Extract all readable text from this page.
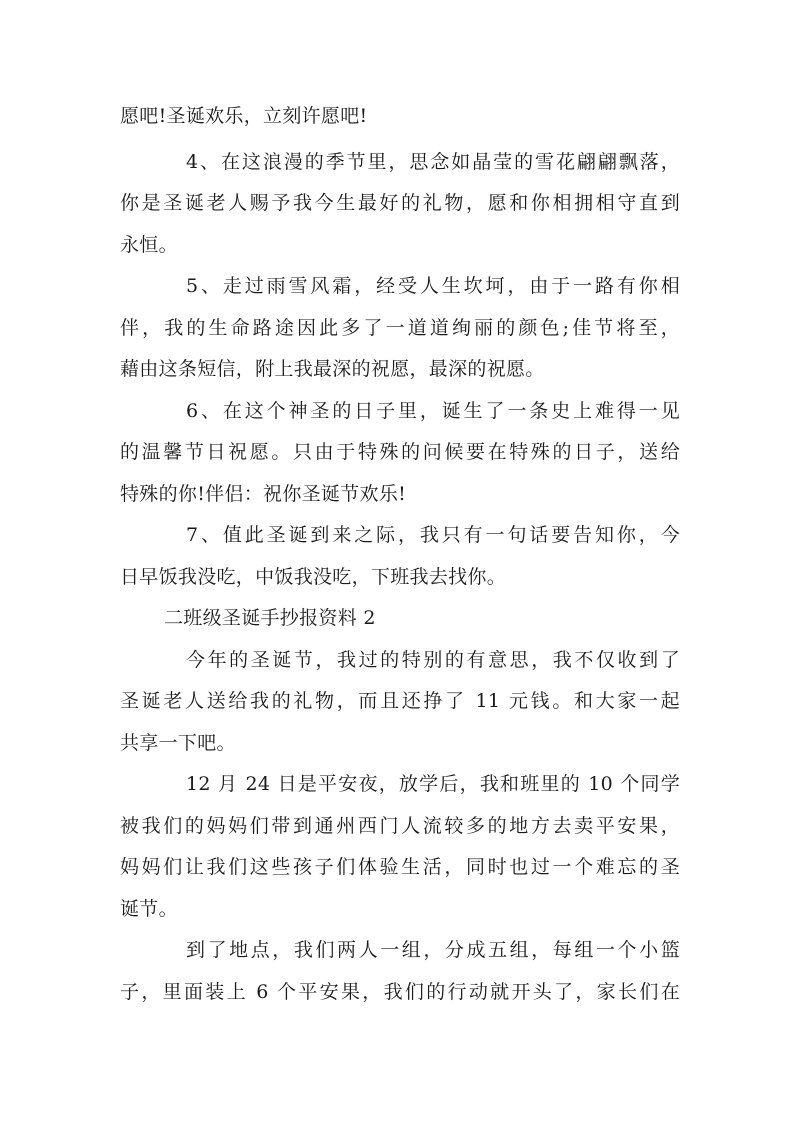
愿吧!圣诞欢乐，立刻许愿吧!
4、在这浪漫的季节里，思念如晶莹的雪花翩翩飘落，
你是圣诞老人赐予我今生最好的礼物，愿和你相拥相守直到
永恒。
5、走过雨雪风霜，经受人生坎坷，由于一路有你相
伴，我的生命路途因此多了一道道绚丽的颜色;佳节将至，
藉由这条短信，附上我最深的祝愿，最深的祝愿。
6、在这个神圣的日子里，诞生了一条史上难得一见
的温馨节日祝愿。只由于特殊的问候要在特殊的日子，送给
特殊的你!伴侣：祝你圣诞节欢乐!
7、值此圣诞到来之际，我只有一句话要告知你，今
日早饭我没吃，中饭我没吃，下班我去找你。
二班级圣诞手抄报资料 2
今年的圣诞节，我过的特别的有意思，我不仅收到了
圣诞老人送给我的礼物，而且还挣了 11 元钱。和大家一起
共享一下吧。
12 月 24 日是平安夜，放学后，我和班里的 10 个同学
被我们的妈妈们带到通州西门人流较多的地方去卖平安果，
妈妈们让我们这些孩子们体验生活，同时也过一个难忘的圣
诞节。
到了地点，我们两人一组，分成五组，每组一个小篮
子，里面装上 6 个平安果，我们的行动就开头了，家长们在
